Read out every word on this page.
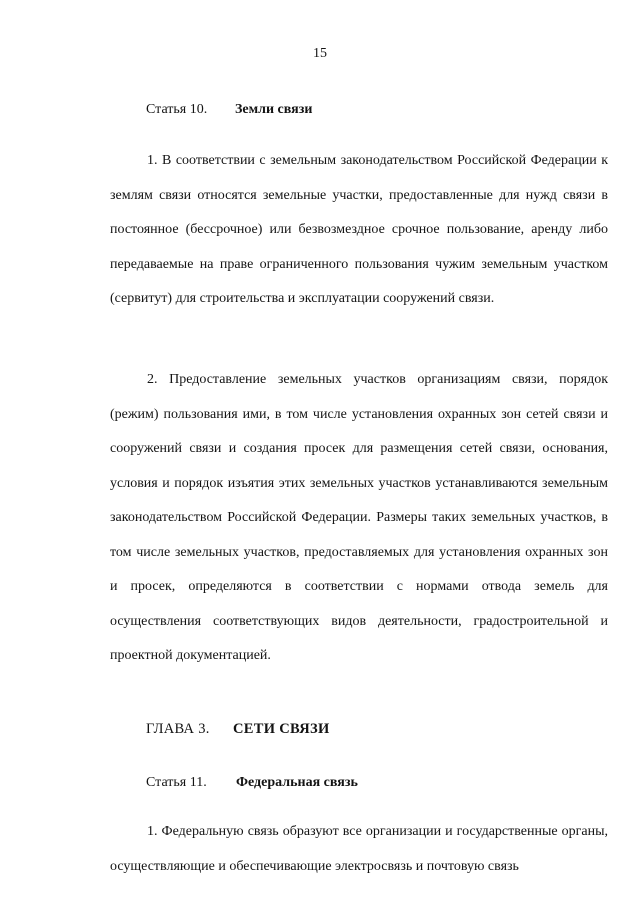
15
Статья 10. Земли связи

1. В соответствии с земельным законодательством Российской Федерации к землям связи относятся земельные участки, предоставленные для нужд связи в постоянное (бессрочное) или безвозмездное срочное пользование, аренду либо передаваемые на праве ограниченного пользования чужим земельным участком (сервитут) для строительства и эксплуатации сооружений связи.

2. Предоставление земельных участков организациям связи, порядок (режим) пользования ими, в том числе установления охранных зон сетей связи и сооружений связи и создания просек для размещения сетей связи, основания, условия и порядок изъятия этих земельных участков устанавливаются земельным законодательством Российской Федерации. Размеры таких земельных участков, в том числе земельных участков, предоставляемых для установления охранных зон и просек, определяются в соответствии с нормами отвода земель для осуществления соответствующих видов деятельности, градостроительной и проектной документацией.

ГЛАВА 3. СЕТИ СВЯЗИ
Статья 11. Федеральная связь

1. Федеральную связь образуют все организации и государственные органы, осуществляющие и обеспечивающие электросвязь и почтовую связь
